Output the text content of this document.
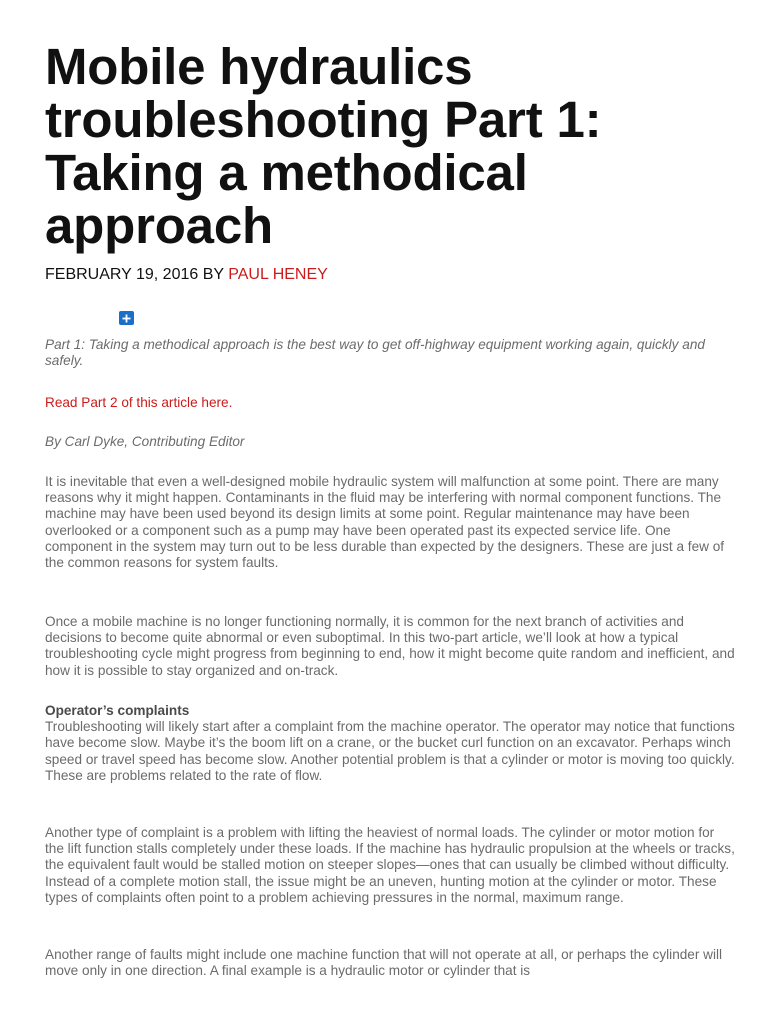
Mobile hydraulics troubleshooting Part 1: Taking a methodical approach
FEBRUARY 19, 2016 BY PAUL HENEY

Part 1: Taking a methodical approach is the best way to get off-highway equipment working again, quickly and safely.

Read Part 2 of this article here.

By Carl Dyke, Contributing Editor

It is inevitable that even a well-designed mobile hydraulic system will malfunction at some point. There are many reasons why it might happen. Contaminants in the fluid may be interfering with normal component functions. The machine may have been used beyond its design limits at some point. Regular maintenance may have been overlooked or a component such as a pump may have been operated past its expected service life. One component in the system may turn out to be less durable than expected by the designers. These are just a few of the common reasons for system faults.

Once a mobile machine is no longer functioning normally, it is common for the next branch of activities and decisions to become quite abnormal or even suboptimal. In this two-part article, we’ll look at how a typical troubleshooting cycle might progress from beginning to end, how it might become quite random and inefficient, and how it is possible to stay organized and on-track.

Operator’s complaints
Troubleshooting will likely start after a complaint from the machine operator. The operator may notice that functions have become slow. Maybe it’s the boom lift on a crane, or the bucket curl function on an excavator. Perhaps winch speed or travel speed has become slow. Another potential problem is that a cylinder or motor is moving too quickly. These are problems related to the rate of flow.

Another type of complaint is a problem with lifting the heaviest of normal loads. The cylinder or motor motion for the lift function stalls completely under these loads. If the machine has hydraulic propulsion at the wheels or tracks, the equivalent fault would be stalled motion on steeper slopes—ones that can usually be climbed without difficulty. Instead of a complete motion stall, the issue might be an uneven, hunting motion at the cylinder or motor. These types of complaints often point to a problem achieving pressures in the normal, maximum range.

Another range of faults might include one machine function that will not operate at all, or perhaps the cylinder will move only in one direction. A final example is a hydraulic motor or cylinder that is
